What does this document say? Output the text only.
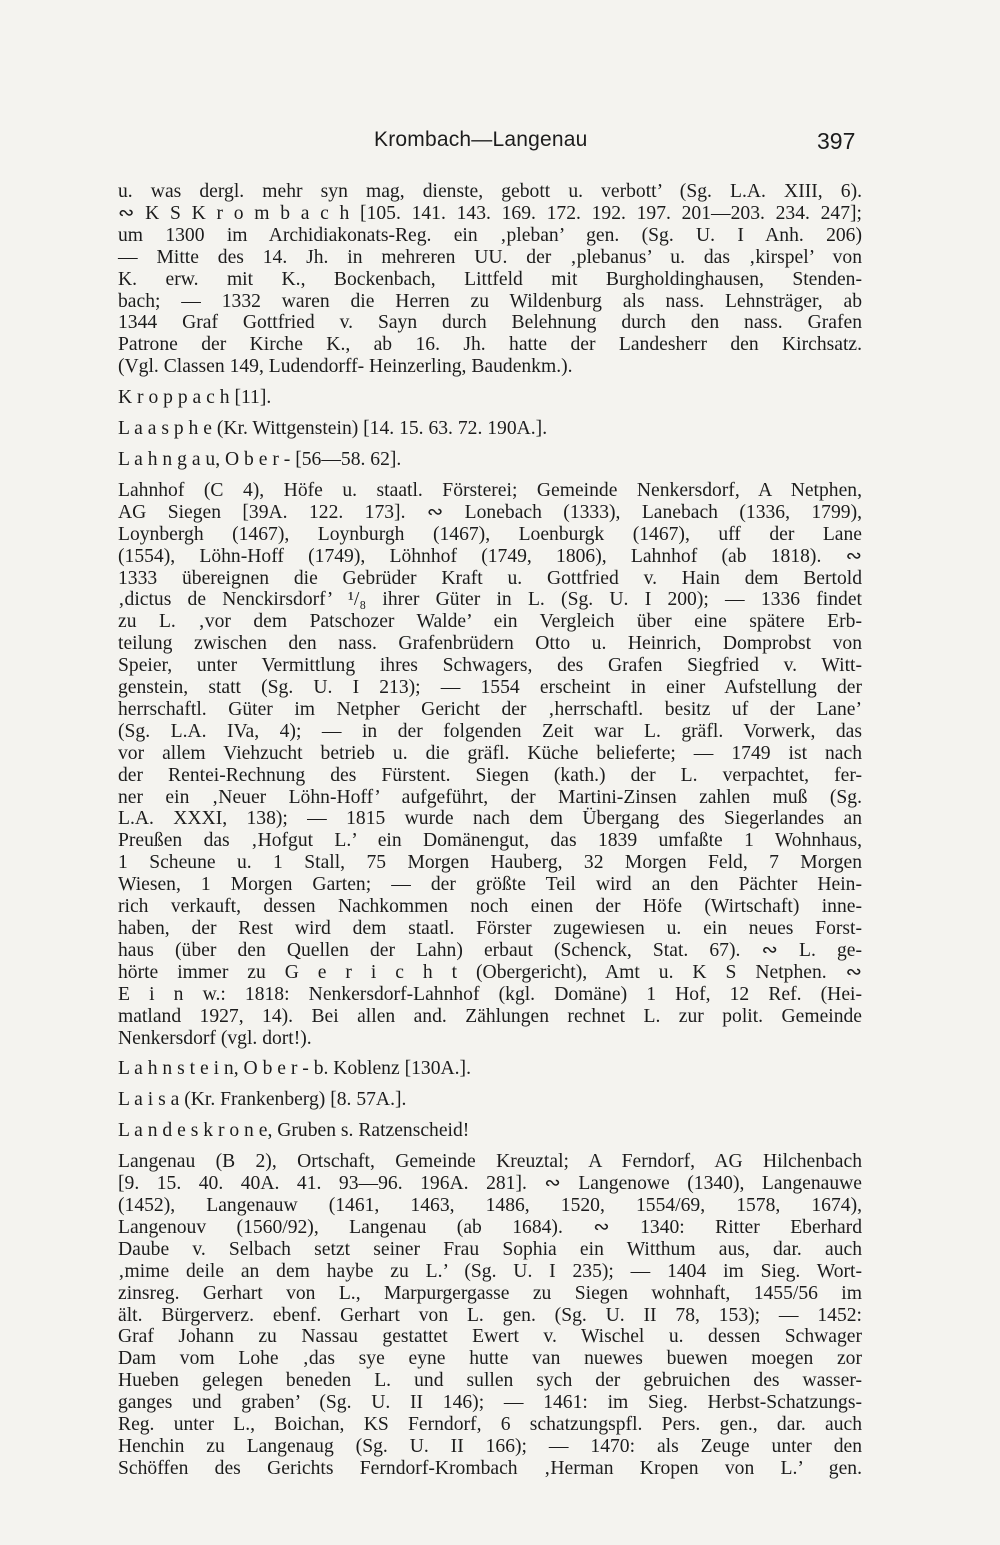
Krombach—Langenau	397
u. was dergl. mehr syn mag, dienste, gebott u. verbott’ (Sg. L.A. XIII, 6).
∾ K S K r o m b a c h [105. 141. 143. 169. 172. 192. 197. 201—203. 234. 247];
um 1300 im Archidiakonats-Reg. ein ‚pleban’ gen. (Sg. U. I Anh. 206)
— Mitte des 14. Jh. in mehreren UU. der ‚plebanus’ u. das ‚kirspel’ von
K. erw. mit K., Bockenbach, Littfeld mit Burgholdinghausen, Stenden-
bach; — 1332 waren die Herren zu Wildenburg als nass. Lehnsträger, ab
1344 Graf Gottfried v. Sayn durch Belehnung durch den nass. Grafen
Patrone der Kirche K., ab 16. Jh. hatte der Landesherr den Kirchsatz.
(Vgl. Classen 149, Ludendorff- Heinzerling, Baudenkm.).
K r o p p a c h [11].
L a a s p h e (Kr. Wittgenstein) [14. 15. 63. 72. 190A.].
L a h n g a u, O b e r - [56—58. 62].
Lahnhof (C 4), Höfe u. staatl. Försterei; Gemeinde Nenkersdorf, A Netphen,
AG Siegen [39A. 122. 173]. ∾ Lonebach (1333), Lanebach (1336, 1799),
Loynbergh (1467), Loynburgh (1467), Loenburgk (1467), uff der Lane
(1554), Löhn-Hoff (1749), Löhnhof (1749, 1806), Lahnhof (ab 1818). ∾
1333 übereignen die Gebrüder Kraft u. Gottfried v. Hain dem Bertold
‚dictus de Nenckirsdorf’ ¹/₈ ihrer Güter in L. (Sg. U. I 200); — 1336 findet
zu L. ‚vor dem Patschozer Walde’ ein Vergleich über eine spätere Erb-
teilung zwischen den nass. Grafenbrüdern Otto u. Heinrich, Domprobst von
Speier, unter Vermittlung ihres Schwagers, des Grafen Siegfried v. Witt-
genstein, statt (Sg. U. I 213); — 1554 erscheint in einer Aufstellung der
herrschaftl. Güter im Netpher Gericht der ‚herrschaftl. besitz uf der Lane’
(Sg. L.A. IVa, 4); — in der folgenden Zeit war L. gräfl. Vorwerk, das
vor allem Viehzucht betrieb u. die gräfl. Küche belieferte; — 1749 ist nach
der Rentei-Rechnung des Fürstent. Siegen (kath.) der L. verpachtet, fer-
ner ein ‚Neuer Löhn-Hoff’ aufgeführt, der Martini-Zinsen zahlen muß (Sg.
L.A. XXXI, 138); — 1815 wurde nach dem Übergang des Siegerlandes an
Preußen das ‚Hofgut L.’ ein Domänengut, das 1839 umfaßte 1 Wohnhaus,
1 Scheune u. 1 Stall, 75 Morgen Hauberg, 32 Morgen Feld, 7 Morgen
Wiesen, 1 Morgen Garten; — der größte Teil wird an den Pächter Hein-
rich verkauft, dessen Nachkommen noch einen der Höfe (Wirtschaft) inne-
haben, der Rest wird dem staatl. Förster zugewiesen u. ein neues Forst-
haus (über den Quellen der Lahn) erbaut (Schenck, Stat. 67). ∾ L. ge-
hörte immer zu G e r i c h t (Obergericht), Amt u. K S Netphen. ∾
E i n w.: 1818: Nenkersdorf-Lahnhof (kgl. Domäne) 1 Hof, 12 Ref. (Hei-
matland 1927, 14). Bei allen and. Zählungen rechnet L. zur polit. Gemeinde
Nenkersdorf (vgl. dort!).
L a h n s t e i n, O b e r - b. Koblenz [130A.].
L a i s a (Kr. Frankenberg) [8. 57A.].
L a n d e s k r o n e, Gruben s. Ratzenscheid!
Langenau (B 2), Ortschaft, Gemeinde Kreuztal; A Ferndorf, AG Hilchenbach
[9. 15. 40. 40A. 41. 93—96. 196A. 281]. ∾ Langenowe (1340), Langenauwe
(1452), Langenauw (1461, 1463, 1486, 1520, 1554/69, 1578, 1674),
Langenouv (1560/92), Langenau (ab 1684). ∾ 1340: Ritter Eberhard
Daube v. Selbach setzt seiner Frau Sophia ein Witthum aus, dar. auch
‚mime deile an dem haybe zu L.’ (Sg. U. I 235); — 1404 im Sieg. Wort-
zinsreg. Gerhart von L., Marpurgergasse zu Siegen wohnhaft, 1455/56 im
ält. Bürgerverz. ebenf. Gerhart von L. gen. (Sg. U. II 78, 153); — 1452:
Graf Johann zu Nassau gestattet Ewert v. Wischel u. dessen Schwager
Dam vom Lohe ‚das sye eyne hutte van nuewes buewen moegen zor
Hueben gelegen beneden L. und sullen sych der gebruichen des wasser-
ganges und graben’ (Sg. U. II 146); — 1461: im Sieg. Herbst-Schatzungs-
Reg. unter L., Boichan, KS Ferndorf, 6 schatzungspfl. Pers. gen., dar. auch
Henchin zu Langenaug (Sg. U. II 166); — 1470: als Zeuge unter den
Schöffen des Gerichts Ferndorf-Krombach ‚Herman Kropen von L.’ gen.
